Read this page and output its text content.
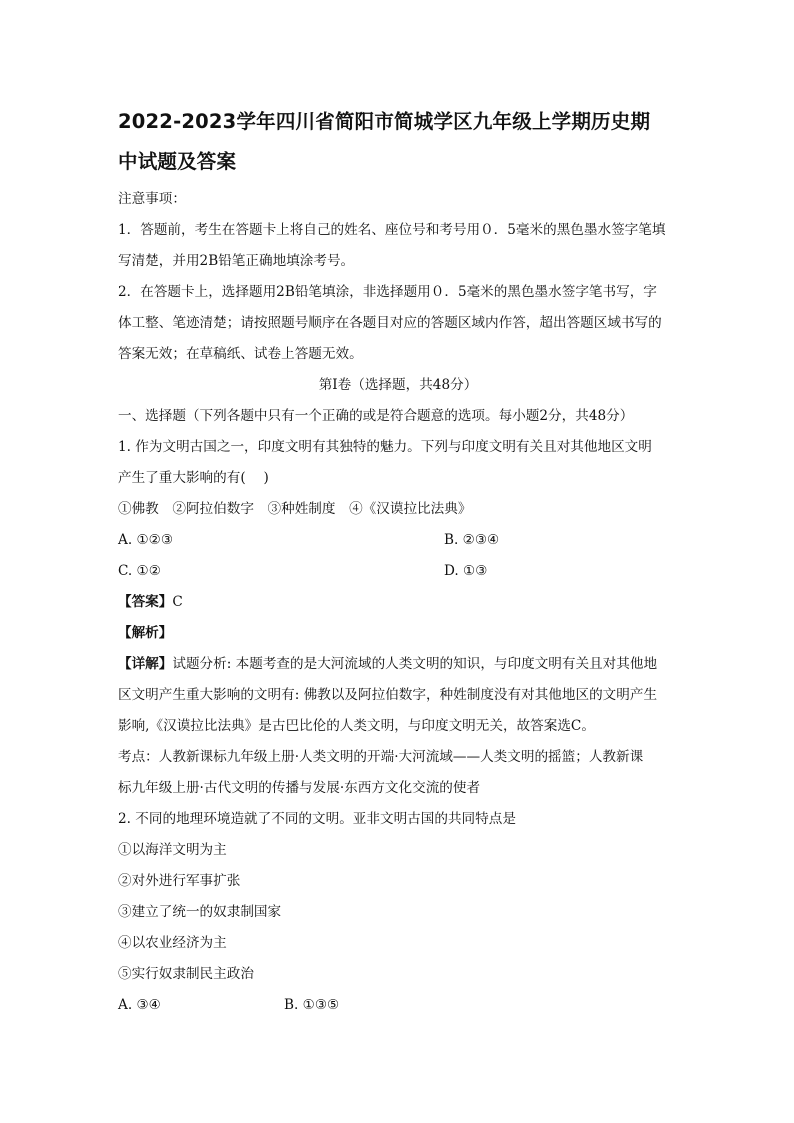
2022-2023学年四川省简阳市简城学区九年级上学期历史期
中试题及答案

注意事项：

1．答题前，考生在答题卡上将自己的姓名、座位号和考号用０．5毫米的黑色墨水签字笔填

写清楚，并用2B铅笔正确地填涂考号。

2．在答题卡上，选择题用2B铅笔填涂，非选择题用０．5毫米的黑色墨水签字笔书写，字

体工整、笔迹清楚；请按照题号顺序在各题目对应的答题区域内作答，超出答题区域书写的

答案无效；在草稿纸、试卷上答题无效。

第Ⅰ卷（选择题，共48分）

一、选择题（下列各题中只有一个正确的或是符合题意的选项。每小题2分，共48分）

1. 作为文明古国之一，印度文明有其独特的魅力。下列与印度文明有关且对其他地区文明

产生了重大影响的有(　 )

①佛教　②阿拉伯数字　③种姓制度　④《汉谟拉比法典》

A. ①②③	B. ②③④

C. ①②	D. ①③

【答案】C

【解析】

【详解】试题分析: 本题考查的是大河流域的人类文明的知识，与印度文明有关且对其他地

区文明产生重大影响的文明有: 佛教以及阿拉伯数字，种姓制度没有对其他地区的文明产生

影响,《汉谟拉比法典》是古巴比伦的人类文明，与印度文明无关，故答案选C。

考点：人教新课标九年级上册·人类文明的开端·大河流域——人类文明的摇篮；人教新课

标九年级上册·古代文明的传播与发展·东西方文化交流的使者

2. 不同的地理环境造就了不同的文明。亚非文明古国的共同特点是

①以海洋文明为主

②对外进行军事扩张

③建立了统一的奴隶制国家

④以农业经济为主

⑤实行奴隶制民主政治

A. ③④	B. ①③⑤
